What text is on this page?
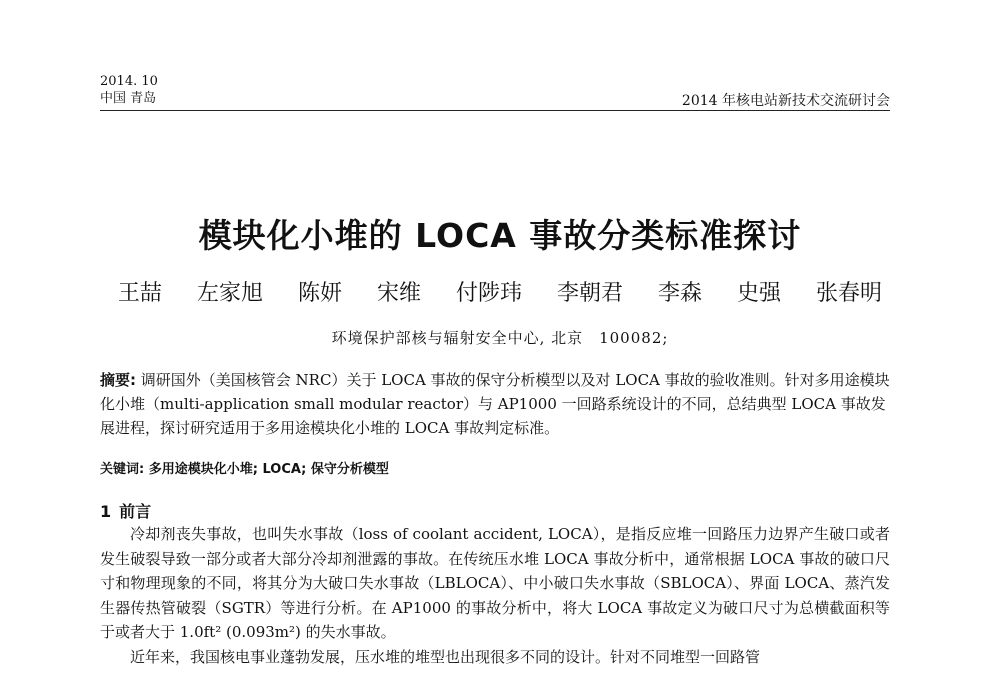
2014. 10
中国 青岛	2014 年核电站新技术交流研讨会
模块化小堆的 LOCA 事故分类标准探讨
王喆 左家旭 陈妍 宋维 付陟玮 李朝君 李森 史强 张春明
环境保护部核与辐射安全中心, 北京　100082;
摘要: 调研国外（美国核管会 NRC）关于 LOCA 事故的保守分析模型以及对 LOCA 事故的验收准则。针对多用途模块化小堆（multi-application small modular reactor）与 AP1000 一回路系统设计的不同，总结典型 LOCA 事故发展进程，探讨研究适用于多用途模块化小堆的 LOCA 事故判定标准。
关键词: 多用途模块化小堆; LOCA; 保守分析模型
1 前言

冷却剂丧失事故，也叫失水事故（loss of coolant accident, LOCA），是指反应堆一回路压力边界产生破口或者发生破裂导致一部分或者大部分冷却剂泄露的事故。在传统压水堆 LOCA 事故分析中，通常根据 LOCA 事故的破口尺寸和物理现象的不同，将其分为大破口失水事故（LBLOCA）、中小破口失水事故（SBLOCA）、界面 LOCA、蒸汽发生器传热管破裂（SGTR）等进行分析。在 AP1000 的事故分析中，将大 LOCA 事故定义为破口尺寸为总横截面积等于或者大于 1.0ft² (0.093m²) 的失水事故。

近年来，我国核电事业蓬勃发展，压水堆的堆型也出现很多不同的设计。针对不同堆型一回路管
